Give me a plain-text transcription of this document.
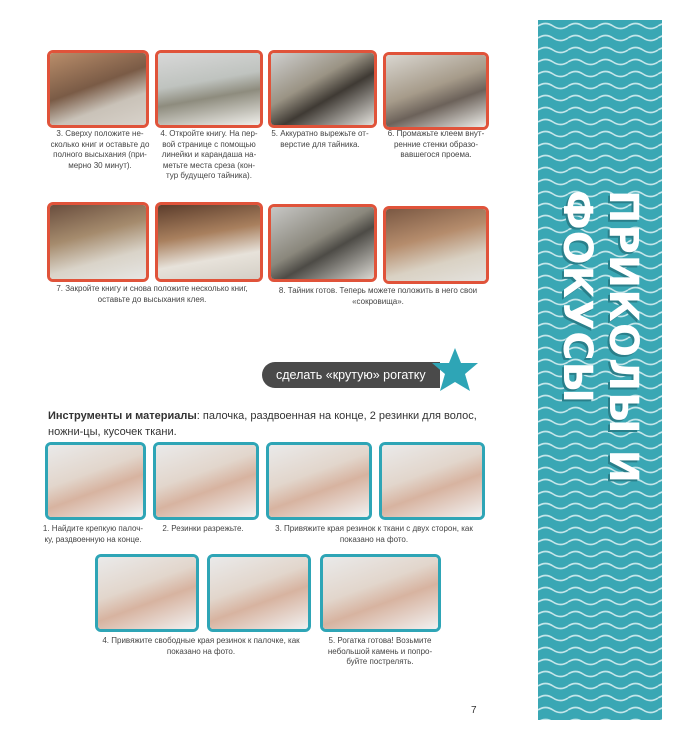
ПРИКОЛЫ И ФОКУСЫ
3. Сверху положите не-сколько книг и оставьте до полного высыхания (при-мерно 30 минут).
4. Откройте книгу. На пер-вой странице с помощью линейки и карандаша на-метьте места среза (кон-тур будущего тайника).
5. Аккуратно вырежьте от-верстие для тайника.
6. Промажьте клеем внут-ренние стенки образо-вавшегося проема.
7. Закройте книгу и снова положите несколько книг, оставьте до высыхания клея.
8. Тайник готов. Теперь можете положить в него свои «сокровища».
сделать «крутую» рогатку
Инструменты и материалы: палочка, раздвоенная на конце, 2 резинки для волос, ножни-цы, кусочек ткани.
1. Найдите крепкую палоч-ку, раздвоенную на конце.
2. Резинки разрежьте.	3. Привяжите края резинок к ткани с двух сторон, как показано на фото.
4. Привяжите свободные края резинок к палочке, как показано на фото.
5. Рогатка готова! Возьмите небольшой камень и попро-буйте пострелять.
7
